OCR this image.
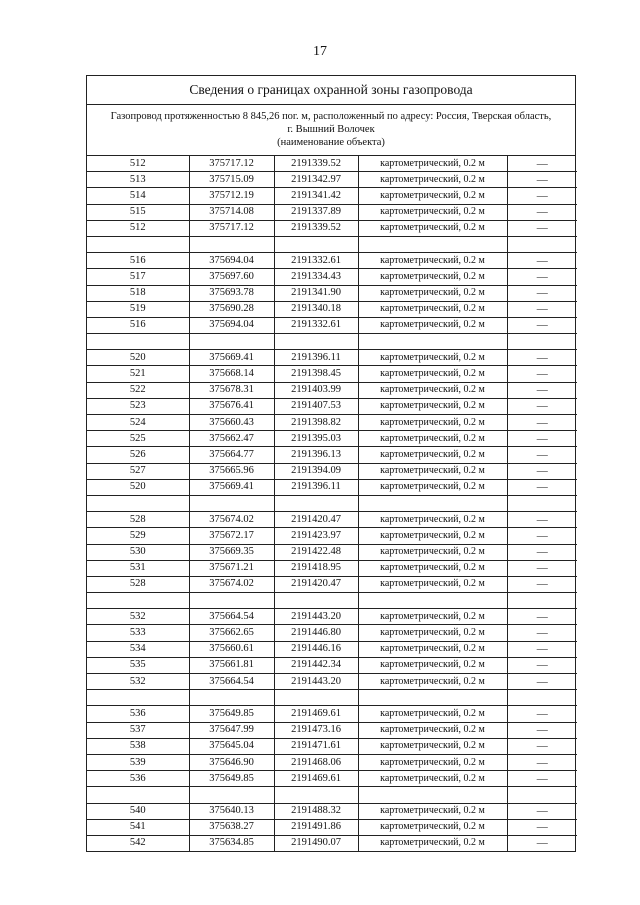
17
Сведения о границах охранной зоны газопровода
Газопровод протяженностью 8 845,26 пог. м, расположенный по адресу: Россия, Тверская область,
г. Вышний Волочек
(наименование объекта)
512	375717.12	2191339.52	картометрический, 0.2 м	—
513	375715.09	2191342.97	картометрический, 0.2 м	—
514	375712.19	2191341.42	картометрический, 0.2 м	—
515	375714.08	2191337.89	картометрический, 0.2 м	—
512	375717.12	2191339.52	картометрический, 0.2 м	—

516	375694.04	2191332.61	картометрический, 0.2 м	—
517	375697.60	2191334.43	картометрический, 0.2 м	—
518	375693.78	2191341.90	картометрический, 0.2 м	—
519	375690.28	2191340.18	картометрический, 0.2 м	—
516	375694.04	2191332.61	картометрический, 0.2 м	—

520	375669.41	2191396.11	картометрический, 0.2 м	—
521	375668.14	2191398.45	картометрический, 0.2 м	—
522	375678.31	2191403.99	картометрический, 0.2 м	—
523	375676.41	2191407.53	картометрический, 0.2 м	—
524	375660.43	2191398.82	картометрический, 0.2 м	—
525	375662.47	2191395.03	картометрический, 0.2 м	—
526	375664.77	2191396.13	картометрический, 0.2 м	—
527	375665.96	2191394.09	картометрический, 0.2 м	—
520	375669.41	2191396.11	картометрический, 0.2 м	—

528	375674.02	2191420.47	картометрический, 0.2 м	—
529	375672.17	2191423.97	картометрический, 0.2 м	—
530	375669.35	2191422.48	картометрический, 0.2 м	—
531	375671.21	2191418.95	картометрический, 0.2 м	—
528	375674.02	2191420.47	картометрический, 0.2 м	—

532	375664.54	2191443.20	картометрический, 0.2 м	—
533	375662.65	2191446.80	картометрический, 0.2 м	—
534	375660.61	2191446.16	картометрический, 0.2 м	—
535	375661.81	2191442.34	картометрический, 0.2 м	—
532	375664.54	2191443.20	картометрический, 0.2 м	—

536	375649.85	2191469.61	картометрический, 0.2 м	—
537	375647.99	2191473.16	картометрический, 0.2 м	—
538	375645.04	2191471.61	картометрический, 0.2 м	—
539	375646.90	2191468.06	картометрический, 0.2 м	—
536	375649.85	2191469.61	картометрический, 0.2 м	—

540	375640.13	2191488.32	картометрический, 0.2 м	—
541	375638.27	2191491.86	картометрический, 0.2 м	—
542	375634.85	2191490.07	картометрический, 0.2 м	—
